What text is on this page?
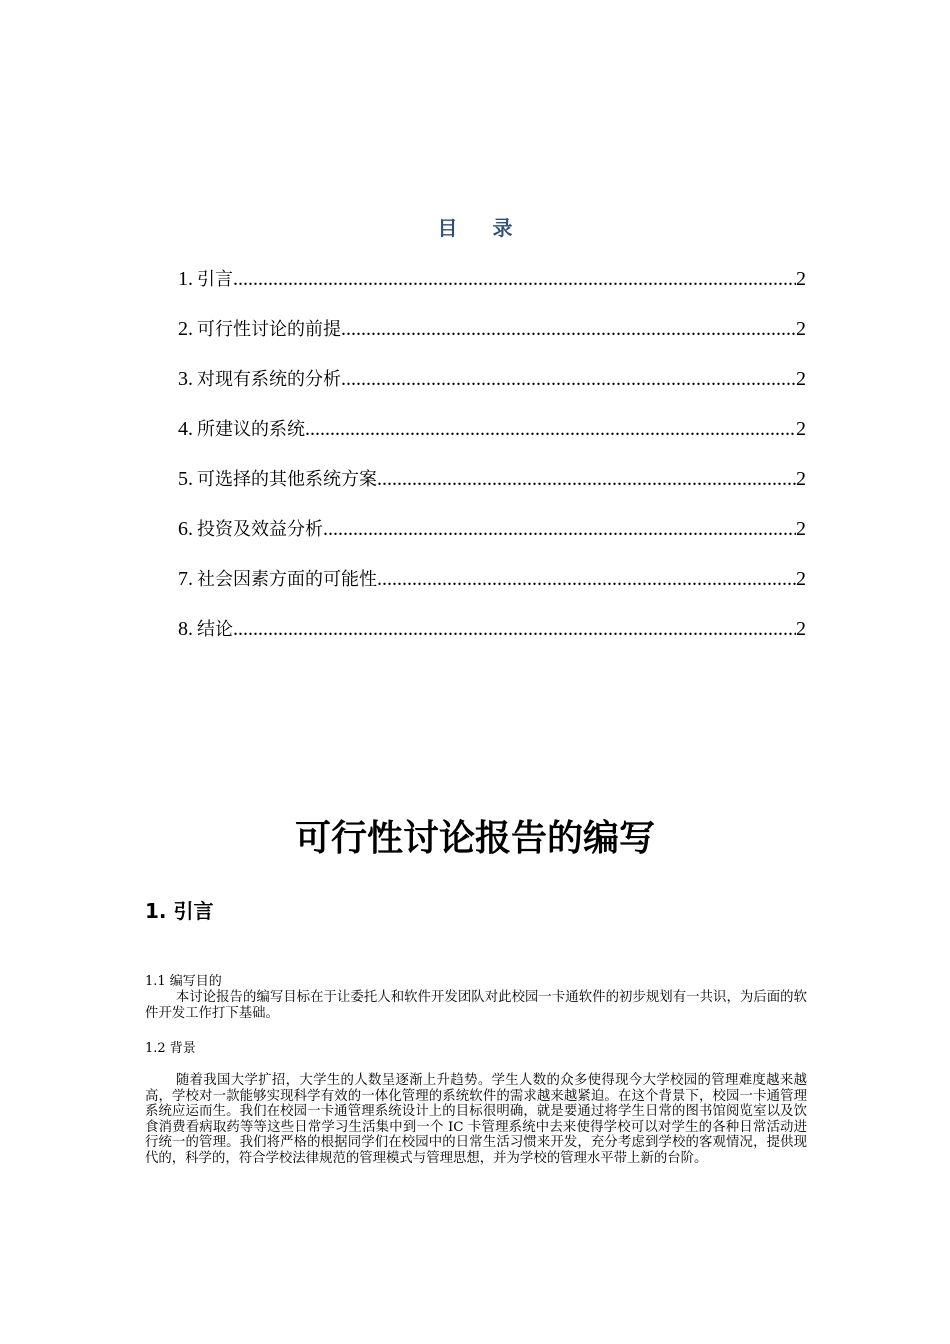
目 录
1. 引言 .....	2
2. 可行性讨论的前提 .....	2
3. 对现有系统的分析 .....	2
4. 所建议的系统 .....	2
5. 可选择的其他系统方案 .....	2
6. 投资及效益分析 .....	2
7. 社会因素方面的可能性 .....	2
8. 结论 .....	2
可行性讨论报告的编写
1. 引言
1.1 编写目的

本讨论报告的编写目标在于让委托人和软件开发团队对此校园一卡通软件的初步规划有一共识，为后面的软件开发工作打下基础。

1.2 背景

随着我国大学扩招，大学生的人数呈逐渐上升趋势。学生人数的众多使得现今大学校园的管理难度越来越高，学校对一款能够实现科学有效的一体化管理的系统软件的需求越来越紧迫。在这个背景下，校园一卡通管理系统应运而生。我们在校园一卡通管理系统设计上的目标很明确，就是要通过将学生日常的图书馆阅览室以及饮食消费看病取药等等这些日常学习生活集中到一个 IC 卡管理系统中去来使得学校可以对学生的各种日常活动进行统一的管理。我们将严格的根据同学们在校园中的日常生活习惯来开发，充分考虑到学校的客观情况，提供现代的，科学的，符合学校法律规范的管理模式与管理思想，并为学校的管理水平带上新的台阶。
